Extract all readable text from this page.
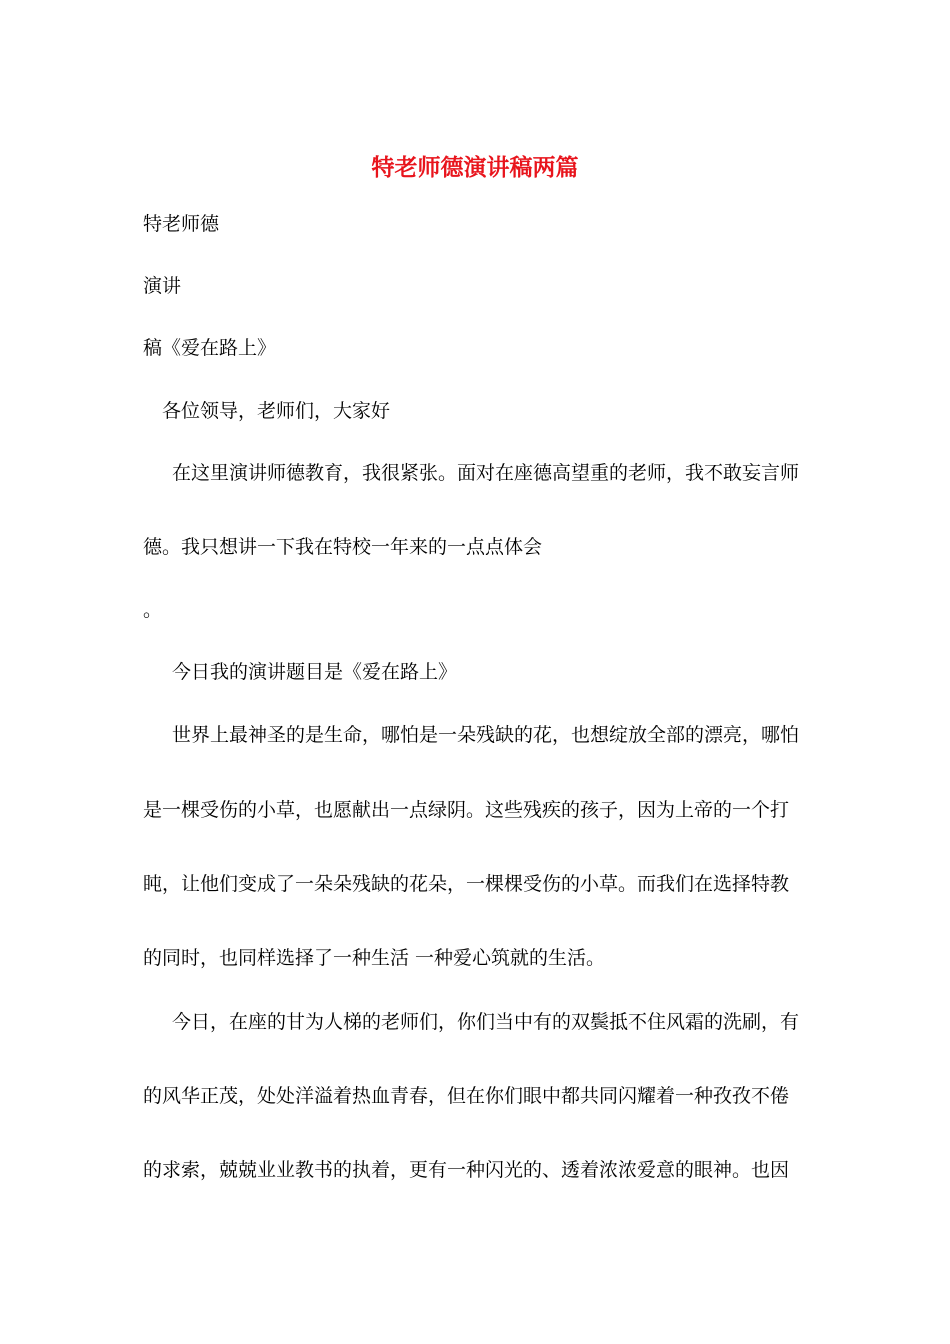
特老师德演讲稿两篇
特老师德
演讲
稿《爱在路上》
各位领导，老师们，大家好
在这里演讲师德教育，我很紧张。面对在座德高望重的老师，我不敢妄言师
德。我只想讲一下我在特校一年来的一点点体会
。
今日我的演讲题目是《爱在路上》
世界上最神圣的是生命，哪怕是一朵残缺的花，也想绽放全部的漂亮，哪怕
是一棵受伤的小草，也愿献出一点绿阴。这些残疾的孩子，因为上帝的一个打
盹，让他们变成了一朵朵残缺的花朵，一棵棵受伤的小草。而我们在选择特教
的同时，也同样选择了一种生活 一种爱心筑就的生活。
今日，在座的甘为人梯的老师们，你们当中有的双鬓抵不住风霜的洗刷，有
的风华正茂，处处洋溢着热血青春，但在你们眼中都共同闪耀着一种孜孜不倦
的求索，兢兢业业教书的执着，更有一种闪光的、透着浓浓爱意的眼神。也因
